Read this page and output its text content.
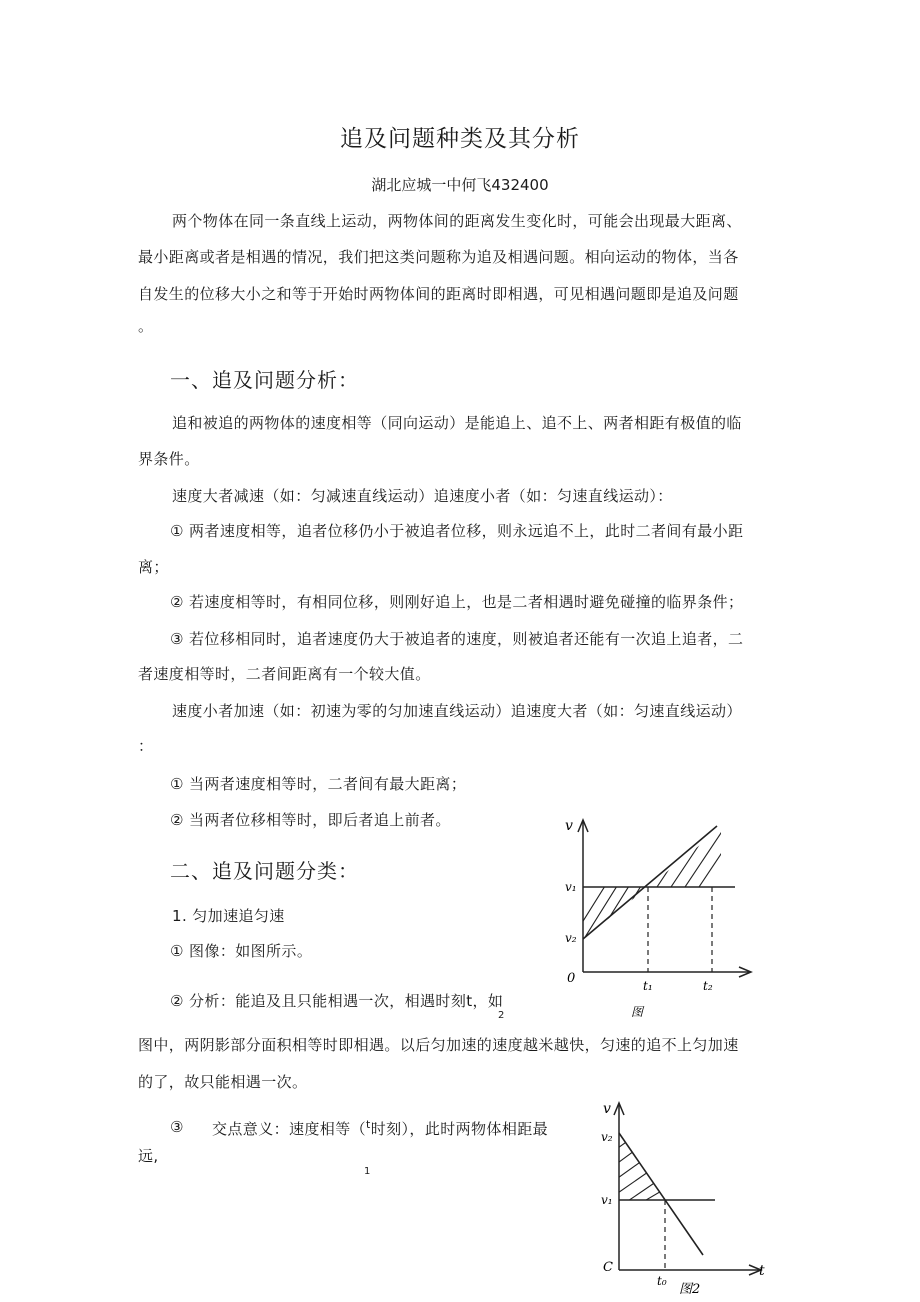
追及问题种类及其分析
湖北应城一中何飞432400
两个物体在同一条直线上运动，两物体间的距离发生变化时，可能会出现最大距离、
最小距离或者是相遇的情况，我们把这类问题称为追及相遇问题。相向运动的物体，当各
自发生的位移大小之和等于开始时两物体间的距离时即相遇，可见相遇问题即是追及问题
。
一、追及问题分析：
追和被追的两物体的速度相等（同向运动）是能追上、追不上、两者相距有极值的临
界条件。
速度大者减速（如：匀减速直线运动）追速度小者（如：匀速直线运动）：
① 两者速度相等，追者位移仍小于被追者位移，则永远追不上，此时二者间有最小距
离；
② 若速度相等时，有相同位移，则刚好追上，也是二者相遇时避免碰撞的临界条件；
③ 若位移相同时，追者速度仍大于被追者的速度，则被追者还能有一次追上追者，二
者速度相等时，二者间距离有一个较大值。
速度小者加速（如：初速为零的匀加速直线运动）追速度大者（如：匀速直线运动）
：
① 当两者速度相等时，二者间有最大距离；
② 当两者位移相等时，即后者追上前者。
二、追及问题分类：
1. 匀加速追匀速
① 图像：如图所示。
② 分析：能追及且只能相遇一次，相遇时刻t，如
2
图中，两阴影部分面积相等时即相遇。以后匀加速的速度越米越快，匀速的追不上匀加速
的了，故只能相遇一次。
③ 交点意义：速度相等（$^t$时刻），此时两物体相距最
远,
1
v
v₁
v₂
0	t₁	t₂
图
v
v₂
v₁
C
t₀
t
图2
